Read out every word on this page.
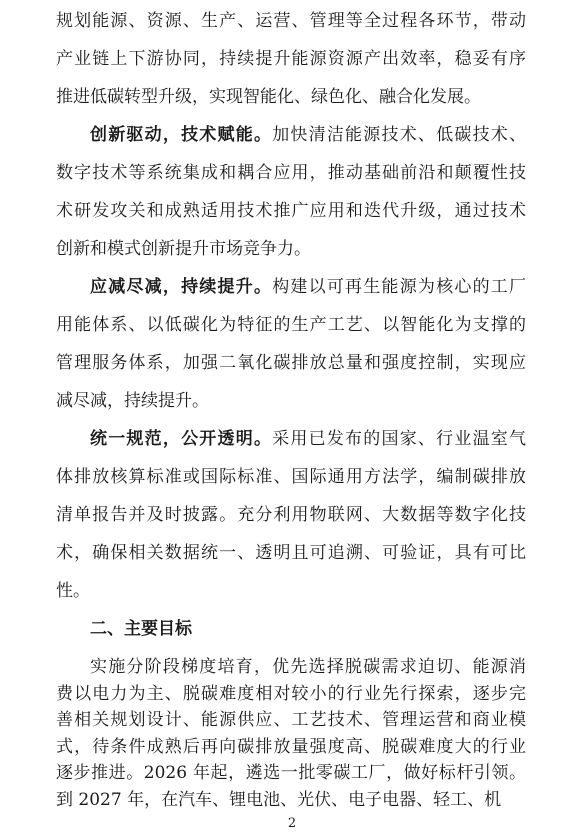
规划能源、资源、生产、运营、管理等全过程各环节，带动
产业链上下游协同，持续提升能源资源产出效率，稳妥有序
推进低碳转型升级，实现智能化、绿色化、融合化发展。
创新驱动，技术赋能。加快清洁能源技术、低碳技术、
数字技术等系统集成和耦合应用，推动基础前沿和颠覆性技
术研发攻关和成熟适用技术推广应用和迭代升级，通过技术
创新和模式创新提升市场竞争力。
应减尽减，持续提升。构建以可再生能源为核心的工厂
用能体系、以低碳化为特征的生产工艺、以智能化为支撑的
管理服务体系，加强二氧化碳排放总量和强度控制，实现应
减尽减，持续提升。
统一规范，公开透明。采用已发布的国家、行业温室气
体排放核算标准或国际标准、国际通用方法学，编制碳排放
清单报告并及时披露。充分利用物联网、大数据等数字化技
术，确保相关数据统一、透明且可追溯、可验证，具有可比
性。
二、主要目标
2
实施分阶段梯度培育，优先选择脱碳需求迫切、能源消
费以电力为主、脱碳难度相对较小的行业先行探索，逐步完
善相关规划设计、能源供应、工艺技术、管理运营和商业模
式，待条件成熟后再向碳排放量强度高、脱碳难度大的行业
逐步推进。2026 年起，遴选一批零碳工厂，做好标杆引领。
到 2027 年，在汽车、锂电池、光伏、电子电器、轻工、机
